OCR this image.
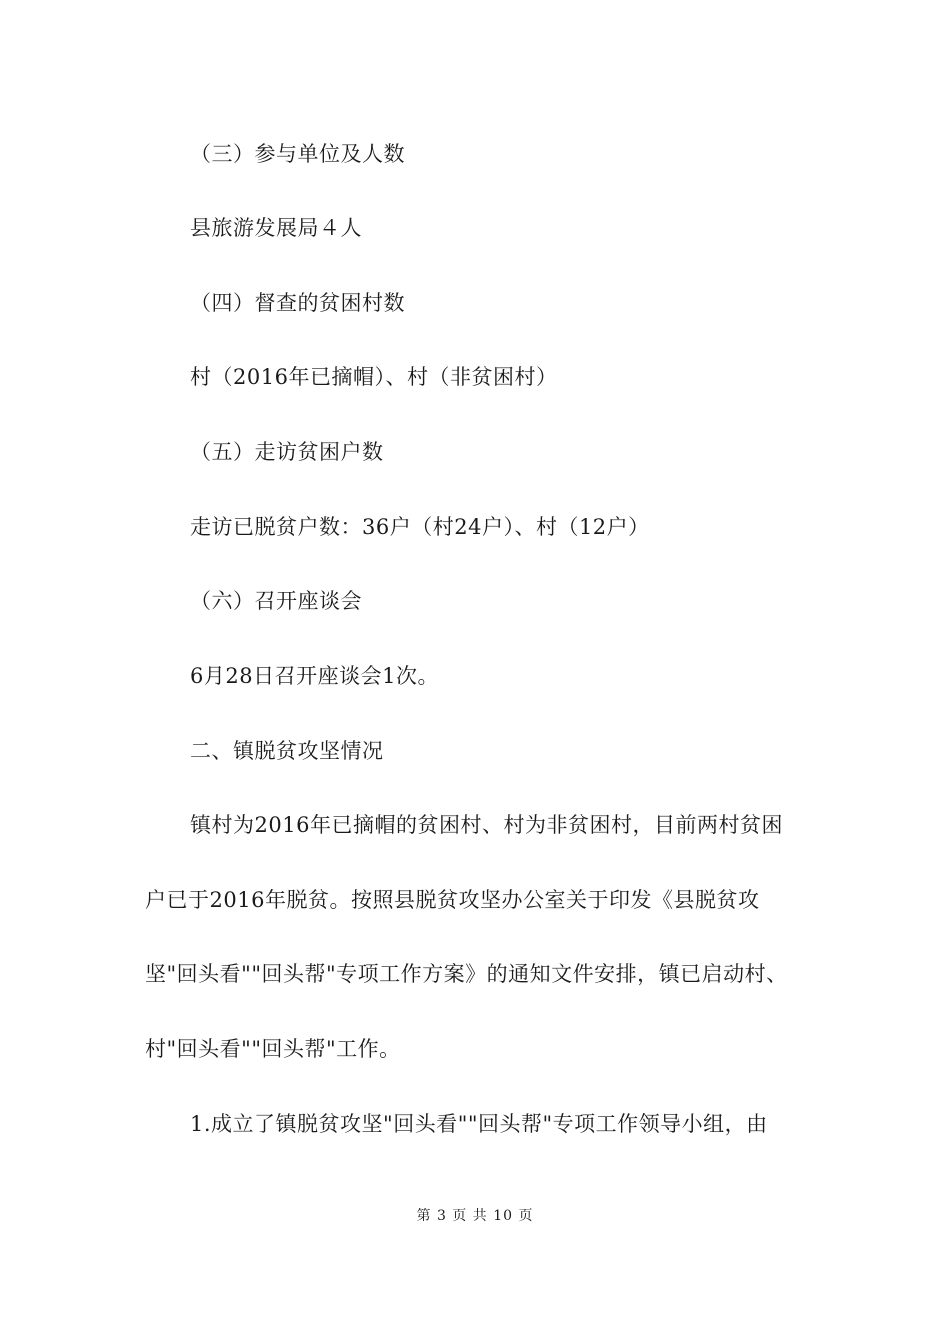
（三）参与单位及人数
县旅游发展局４人
（四）督查的贫困村数
村（2016年已摘帽）、村（非贫困村）
（五）走访贫困户数
走访已脱贫户数：36户（村24户）、村（12户）
（六）召开座谈会
6月28日召开座谈会1次。
二、镇脱贫攻坚情况
镇村为2016年已摘帽的贫困村、村为非贫困村，目前两村贫困
户已于2016年脱贫。按照县脱贫攻坚办公室关于印发《县脱贫攻
坚"回头看""回头帮"专项工作方案》的通知文件安排，镇已启动村、
村"回头看""回头帮"工作。
1.成立了镇脱贫攻坚"回头看""回头帮"专项工作领导小组，由
第 3 页 共 10 页
